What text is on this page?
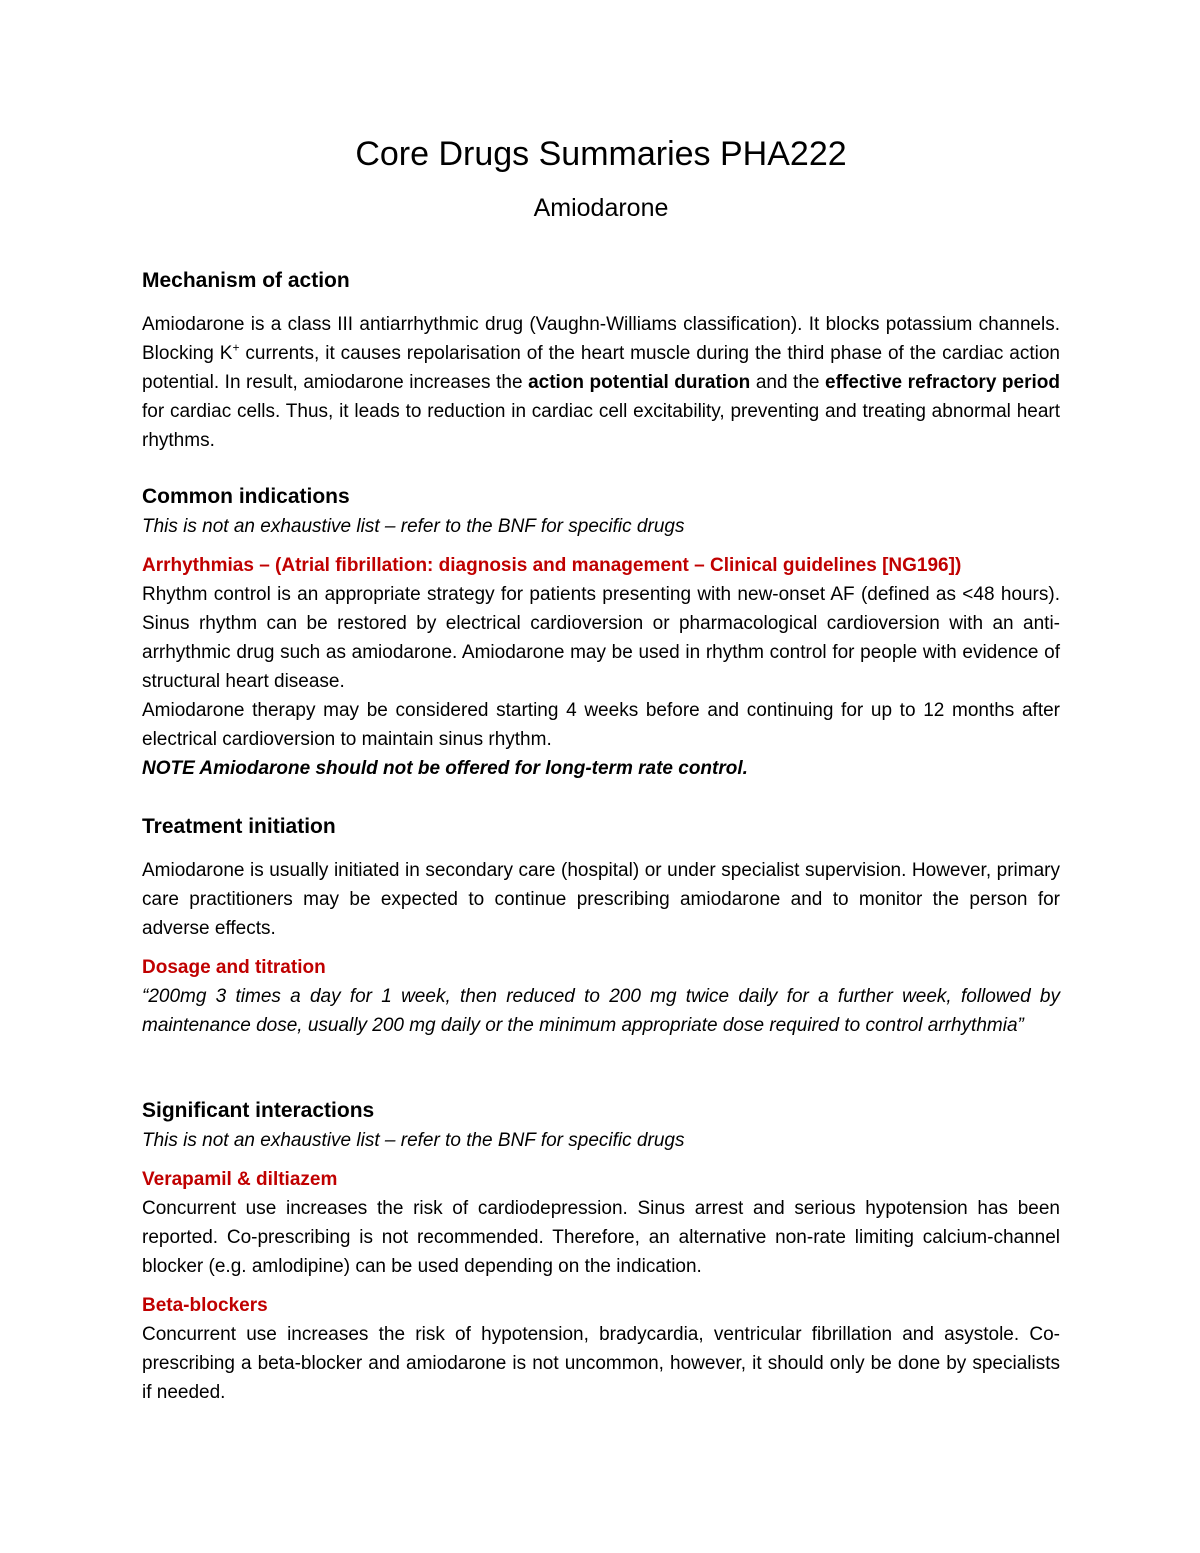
Core Drugs Summaries PHA222
Amiodarone
Mechanism of action

Amiodarone is a class III antiarrhythmic drug (Vaughn-Williams classification). It blocks potassium channels. Blocking K+ currents, it causes repolarisation of the heart muscle during the third phase of the cardiac action potential. In result, amiodarone increases the action potential duration and the effective refractory period for cardiac cells. Thus, it leads to reduction in cardiac cell excitability, preventing and treating abnormal heart rhythms.

Common indications

This is not an exhaustive list – refer to the BNF for specific drugs

Arrhythmias – (Atrial fibrillation: diagnosis and management – Clinical guidelines [NG196])

Rhythm control is an appropriate strategy for patients presenting with new-onset AF (defined as <48 hours). Sinus rhythm can be restored by electrical cardioversion or pharmacological cardioversion with an anti-arrhythmic drug such as amiodarone. Amiodarone may be used in rhythm control for people with evidence of structural heart disease.

Amiodarone therapy may be considered starting 4 weeks before and continuing for up to 12 months after electrical cardioversion to maintain sinus rhythm.

NOTE Amiodarone should not be offered for long-term rate control.

Treatment initiation

Amiodarone is usually initiated in secondary care (hospital) or under specialist supervision. However, primary care practitioners may be expected to continue prescribing amiodarone and to monitor the person for adverse effects.

Dosage and titration

“200mg 3 times a day for 1 week, then reduced to 200 mg twice daily for a further week, followed by maintenance dose, usually 200 mg daily or the minimum appropriate dose required to control arrhythmia”

Significant interactions

This is not an exhaustive list – refer to the BNF for specific drugs

Verapamil & diltiazem

Concurrent use increases the risk of cardiodepression. Sinus arrest and serious hypotension has been reported. Co-prescribing is not recommended. Therefore, an alternative non-rate limiting calcium-channel blocker (e.g. amlodipine) can be used depending on the indication.

Beta-blockers

Concurrent use increases the risk of hypotension, bradycardia, ventricular fibrillation and asystole. Co-prescribing a beta-blocker and amiodarone is not uncommon, however, it should only be done by specialists if needed.
